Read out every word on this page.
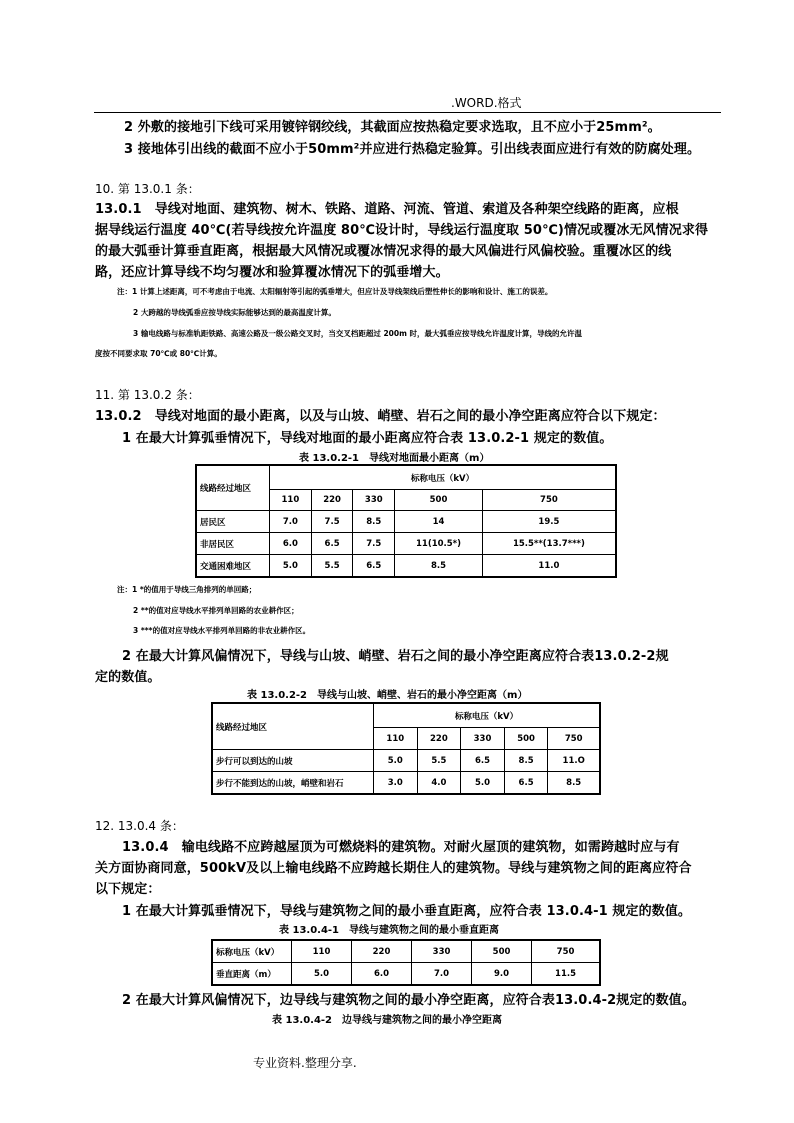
.WORD.格式
2 外敷的接地引下线可采用镀锌钢绞线，其截面应按热稳定要求选取，且不应小于25mm²。
3 接地体引出线的截面不应小于50mm²并应进行热稳定验算。引出线表面应进行有效的防腐处理。
10. 第 13.0.1 条：
13.0.1　导线对地面、建筑物、树木、铁路、道路、河流、管道、索道及各种架空线路的距离，应根
据导线运行温度 40℃(若导线按允许温度 80℃设计时，导线运行温度取 50℃)情况或覆冰无风情况求得
的最大弧垂计算垂直距离，根据最大风情况或覆冰情况求得的最大风偏进行风偏校验。重覆冰区的线
路，还应计算导线不均匀覆冰和验算覆冰情况下的弧垂增大。
注：1 计算上述距离，可不考虑由于电流、太阳辐射等引起的弧垂增大，但应计及导线架线后塑性伸长的影响和设计、施工的误差。
2 大跨越的导线弧垂应按导线实际能够达到的最高温度计算。
3 输电线路与标准轨距铁路、高速公路及一级公路交叉时，当交叉档距超过 200m 时，最大弧垂应按导线允许温度计算，导线的允许温
度按不同要求取 70℃或 80℃计算。
11. 第 13.0.2 条：
13.0.2　导线对地面的最小距离，以及与山坡、峭壁、岩石之间的最小净空距离应符合以下规定：
1 在最大计算弧垂情况下，导线对地面的最小距离应符合表 13.0.2-1 规定的数值。
表 13.0.2-1　导线对地面最小距离（m）
线路经过地区	标称电压（kV）				
	110	220	330	500	750
居民区	7.0	7.5	8.5	14	19.5
非居民区	6.0	6.5	7.5	11(10.5*)	15.5**(13.7***)
交通困难地区	5.0	5.5	6.5	8.5	11.0
注：1 *的值用于导线三角排列的单回路；
2 **的值对应导线水平排列单回路的农业耕作区；
3 ***的值对应导线水平排列单回路的非农业耕作区。
2 在最大计算风偏情况下，导线与山坡、峭壁、岩石之间的最小净空距离应符合表13.0.2-2规
定的数值。
表 13.0.2-2　导线与山坡、峭壁、岩石的最小净空距离（m）
线路经过地区	标称电压（kV）				
	110	220	330	500	750
步行可以到达的山坡	5.0	5.5	6.5	8.5	11.O
步行不能到达的山坡，峭壁和岩石	3.0	4.0	5.0	6.5	8.5
12. 13.0.4 条：
13.0.4　输电线路不应跨越屋顶为可燃烧料的建筑物。对耐火屋顶的建筑物，如需跨越时应与有
关方面协商同意，500kV及以上输电线路不应跨越长期住人的建筑物。导线与建筑物之间的距离应符合
以下规定：
1 在最大计算弧垂情况下，导线与建筑物之间的最小垂直距离，应符合表 13.0.4-1 规定的数值。
表 13.0.4-1　导线与建筑物之间的最小垂直距离
标称电压（kV）	110	220	330	500	750
垂直距离（m）	5.0	6.0	7.0	9.0	11.5
2 在最大计算风偏情况下，边导线与建筑物之间的最小净空距离，应符合表13.0.4-2规定的数值。
表 13.0.4-2　边导线与建筑物之间的最小净空距离
专业资料.整理分享.
